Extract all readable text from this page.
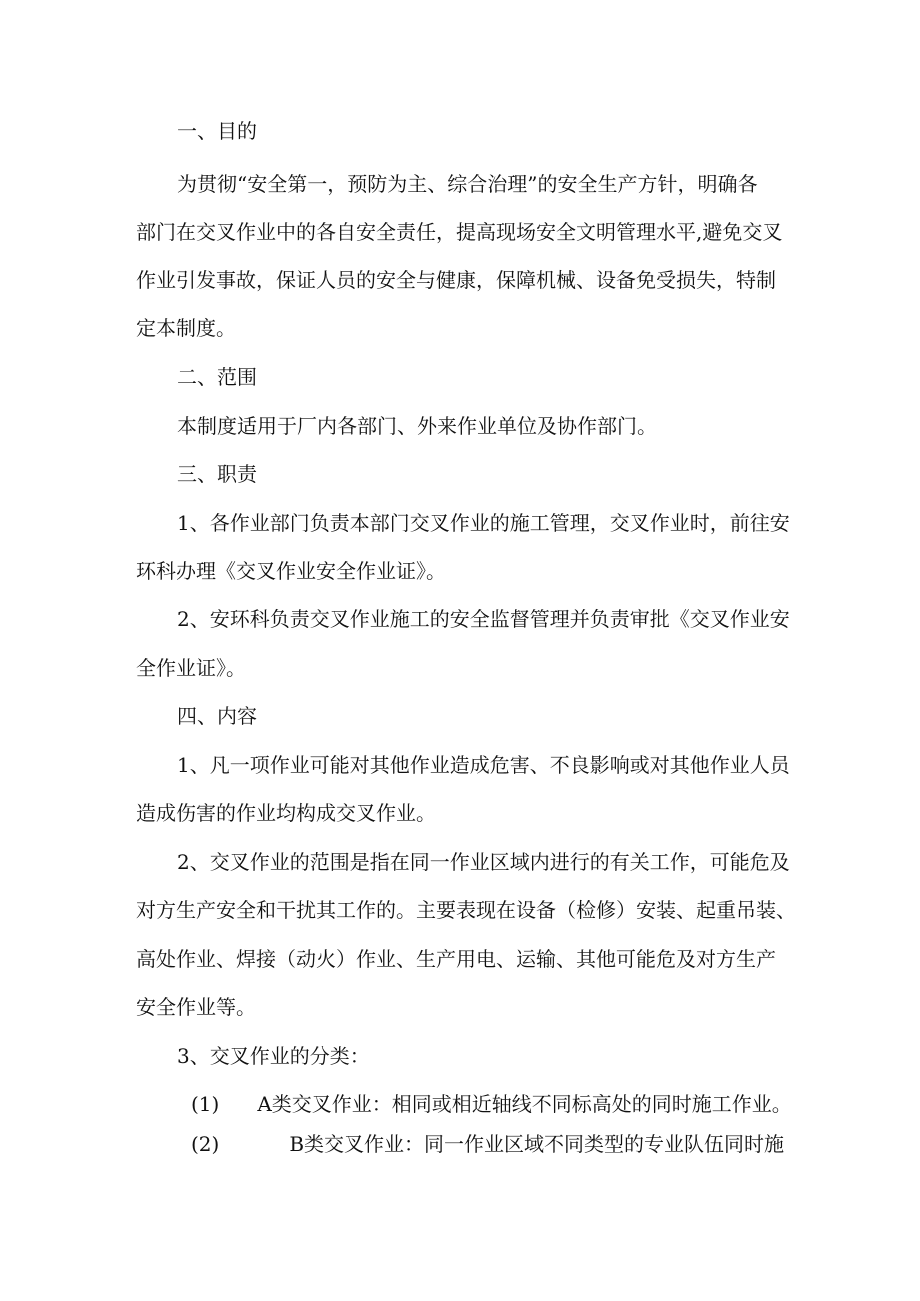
一、目的
为贯彻“安全第一，预防为主、综合治理”的安全生产方针，明确各
部门在交叉作业中的各自安全责任，提高现场安全文明管理水平,避免交叉
作业引发事故，保证人员的安全与健康，保障机械、设备免受损失，特制
定本制度。
二、范围
本制度适用于厂内各部门、外来作业单位及协作部门。
三、职责
1、各作业部门负责本部门交叉作业的施工管理，交叉作业时，前往安
环科办理《交叉作业安全作业证》。
2、安环科负责交叉作业施工的安全监督管理并负责审批《交叉作业安
全作业证》。
四、内容
1、凡一项作业可能对其他作业造成危害、不良影响或对其他作业人员
造成伤害的作业均构成交叉作业。
2、交叉作业的范围是指在同一作业区域内进行的有关工作，可能危及
对方生产安全和干扰其工作的。主要表现在设备（检修）安装、起重吊装、
高处作业、焊接（动火）作业、生产用电、运输、其他可能危及对方生产
安全作业等。
3、交叉作业的分类：
(1) A类交叉作业：相同或相近轴线不同标高处的同时施工作业。
(2)	B类交叉作业：同一作业区域不同类型的专业队伍同时施
